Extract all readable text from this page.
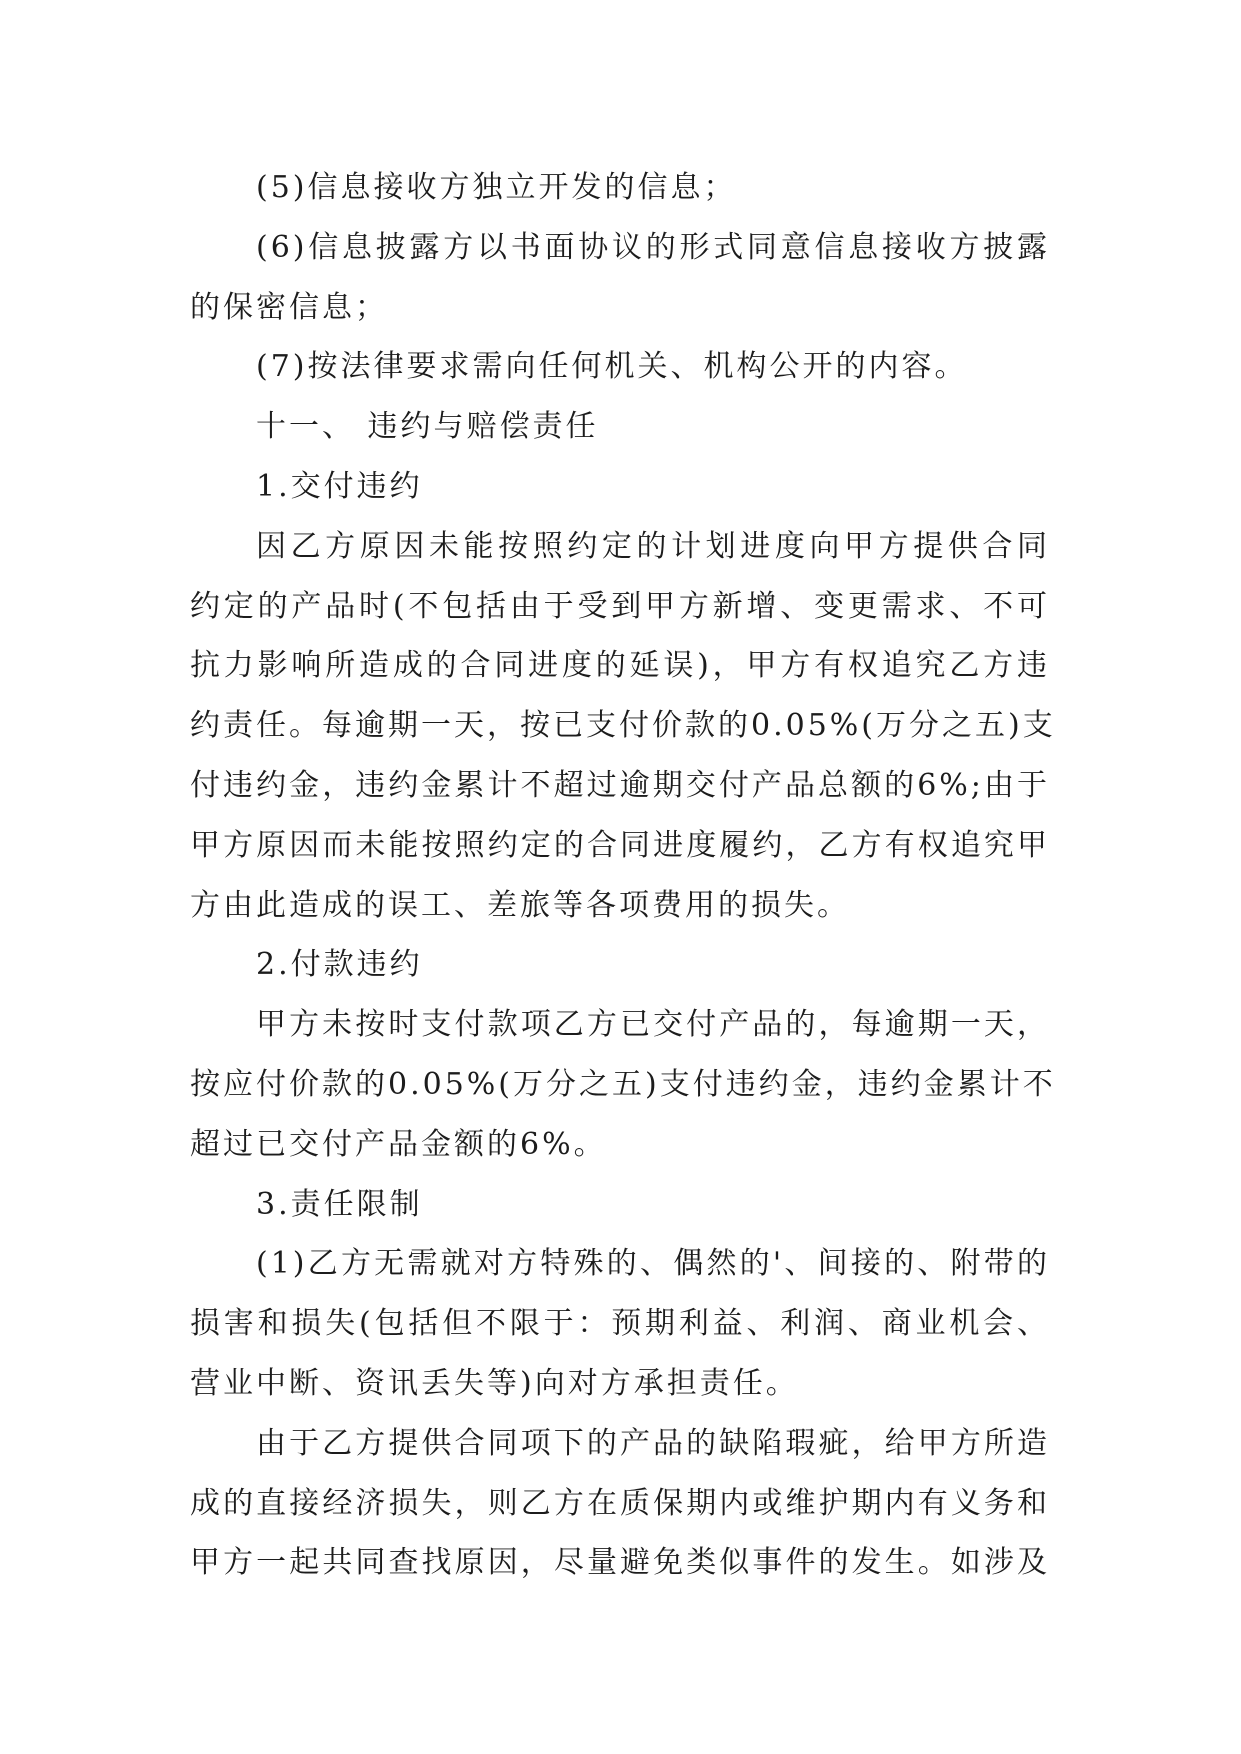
(5)信息接收方独立开发的信息；
(6)信息披露方以书面协议的形式同意信息接收方披露
的保密信息；
(7)按法律要求需向任何机关、机构公开的内容。
十一、 违约与赔偿责任
1.交付违约
因乙方原因未能按照约定的计划进度向甲方提供合同
约定的产品时(不包括由于受到甲方新增、变更需求、不可
抗力影响所造成的合同进度的延误)，甲方有权追究乙方违
约责任。每逾期一天，按已支付价款的0.05%(万分之五)支
付违约金，违约金累计不超过逾期交付产品总额的6%;由于
甲方原因而未能按照约定的合同进度履约，乙方有权追究甲
方由此造成的误工、差旅等各项费用的损失。
2.付款违约
甲方未按时支付款项乙方已交付产品的，每逾期一天，
按应付价款的0.05%(万分之五)支付违约金，违约金累计不
超过已交付产品金额的6%。
3.责任限制
(1)乙方无需就对方特殊的、偶然的'、间接的、附带的
损害和损失(包括但不限于：预期利益、利润、商业机会、
营业中断、资讯丢失等)向对方承担责任。
由于乙方提供合同项下的产品的缺陷瑕疵，给甲方所造
成的直接经济损失，则乙方在质保期内或维护期内有义务和
甲方一起共同查找原因，尽量避免类似事件的发生。如涉及
